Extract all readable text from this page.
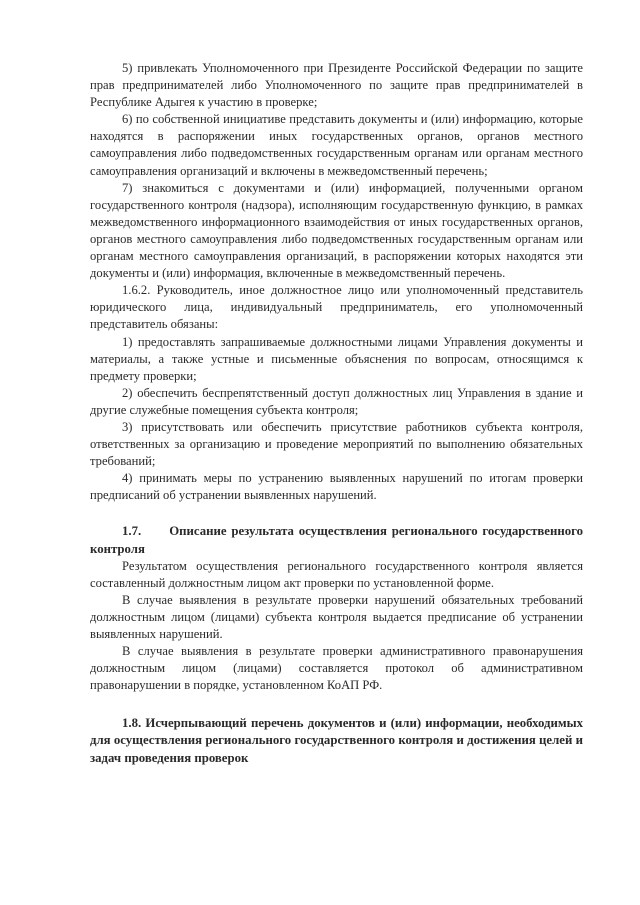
5) привлекать Уполномоченного при Президенте Российской Федерации по защите прав предпринимателей либо Уполномоченного по защите прав предпринимателей в Республике Адыгея к участию в проверке;

6) по собственной инициативе представить документы и (или) информацию, которые находятся в распоряжении иных государственных органов, органов местного самоуправления либо подведомственных государственным органам или органам местного самоуправления организаций и включены в межведомственный перечень;

7) знакомиться с документами и (или) информацией, полученными органом государственного контроля (надзора), исполняющим государственную функцию, в рамках межведомственного информационного взаимодействия от иных государственных органов, органов местного самоуправления либо подведомственных государственным органам или органам местного самоуправления организаций, в распоряжении которых находятся эти документы и (или) информация, включенные в межведомственный перечень.

1.6.2. Руководитель, иное должностное лицо или уполномоченный представитель юридического лица, индивидуальный предприниматель, его уполномоченный представитель обязаны:

1) предоставлять запрашиваемые должностными лицами Управления документы и материалы, а также устные и письменные объяснения по вопросам, относящимся к предмету проверки;

2) обеспечить беспрепятственный доступ должностных лиц Управления в здание и другие служебные помещения субъекта контроля;

3) присутствовать или обеспечить присутствие работников субъекта контроля, ответственных за организацию и проведение мероприятий по выполнению обязательных требований;

4) принимать меры по устранению выявленных нарушений по итогам проверки предписаний об устранении выявленных нарушений.

1.7. Описание результата осуществления регионального государственного контроля

Результатом осуществления регионального государственного контроля является составленный должностным лицом акт проверки по установленной форме.

В случае выявления в результате проверки нарушений обязательных требований должностным лицом (лицами) субъекта контроля выдается предписание об устранении выявленных нарушений.

В случае выявления в результате проверки административного правонарушения должностным лицом (лицами) составляется протокол об административном правонарушении в порядке, установленном КоАП РФ.

1.8. Исчерпывающий перечень документов и (или) информации, необходимых для осуществления регионального государственного контроля и достижения целей и задач проведения проверок
